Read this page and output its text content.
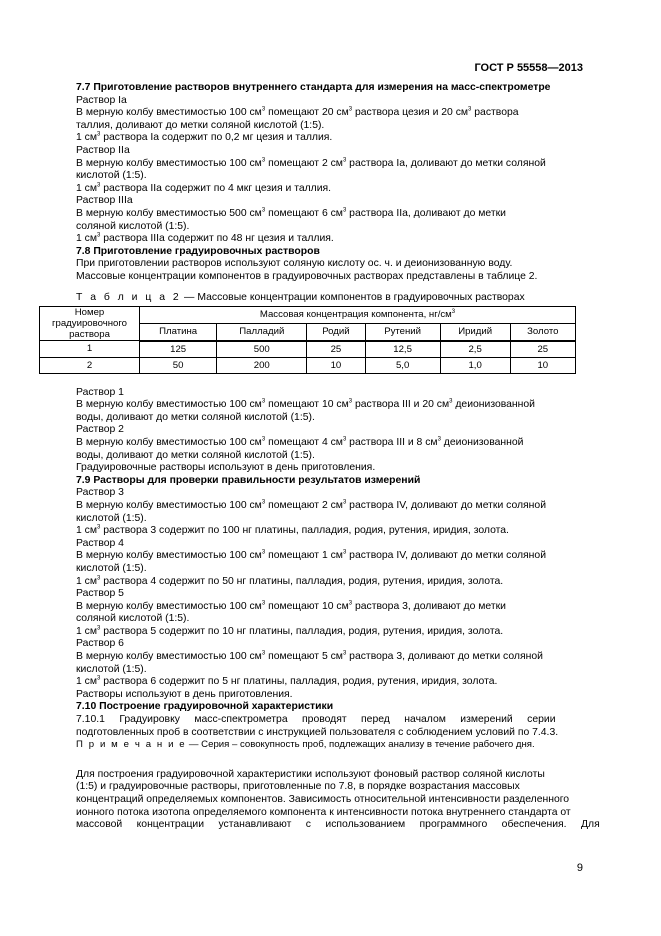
ГОСТ Р 55558—2013

7.7 Приготовление растворов внутреннего стандарта для измерения на масс-спектрометре

Раствор Iа

В мерную колбу вместимостью 100 $см^3$ помещают 20 $см^3$ раствора цезия и 20 $см^3$ раствора

таллия, доливают до метки соляной кислотой (1:5).

1 $см^3$ раствора Iа содержит по 0,2 мг цезия и таллия.

Раствор IIа

В мерную колбу вместимостью 100 $см^3$ помещают 2 $см^3$ раствора Iа, доливают до метки соляной

кислотой (1:5).

1 $см^3$ раствора IIа содержит по 4 мкг цезия и таллия.

Раствор IIIа

В мерную колбу вместимостью 500 $см^3$ помещают 6 $см^3$ раствора IIа, доливают до метки

соляной кислотой (1:5).

1 $см^3$ раствора IIIа содержит по 48 нг цезия и таллия.

7.8 Приготовление градуировочных растворов

При приготовлении растворов используют соляную кислоту ос. ч. и деионизованную воду.

Массовые концентрации компонентов в градуировочных растворах представлены в таблице 2.

Т а б л и ц а 2 — Массовые концентрации компонентов в градуировочных растворах

Номер градуировочного раствора	Массовая концентрация компонента, $нг/см^3$
	Платина	Палладий	Родий	Рутений	Иридий	Золото
1	125	500	25	12,5	2,5	25
2	50	200	10	5,0	1,0	10

Раствор 1

В мерную колбу вместимостью 100 $см^3$ помещают 10 $см^3$ раствора III и 20 $см^3$ деионизованной

воды, доливают до метки соляной кислотой (1:5).

Раствор 2

В мерную колбу вместимостью 100 $см^3$ помещают 4 $см^3$ раствора III и 8 $см^3$ деионизованной

воды, доливают до метки соляной кислотой (1:5).

Градуировочные растворы используют в день приготовления.

7.9 Растворы для проверки правильности результатов измерений

Раствор 3

В мерную колбу вместимостью 100 $см^3$ помещают 2 $см^3$ раствора IV, доливают до метки соляной

кислотой (1:5).

1 $см^3$ раствора 3 содержит по 100 нг платины, палладия, родия, рутения, иридия, золота.

Раствор 4

В мерную колбу вместимостью 100 $см^3$ помещают 1 $см^3$ раствора IV, доливают до метки соляной

кислотой (1:5).

1 $см^3$ раствора 4 содержит по 50 нг платины, палладия, родия, рутения, иридия, золота.

Раствор 5

В мерную колбу вместимостью 100 $см^3$ помещают 10 $см^3$ раствора 3, доливают до метки

соляной кислотой (1:5).

1 $см^3$ раствора 5 содержит по 10 нг платины, палладия, родия, рутения, иридия, золота.

Раствор 6

В мерную колбу вместимостью 100 $см^3$ помещают 5 $см^3$ раствора 3, доливают до метки соляной

кислотой (1:5).

1 $см^3$ раствора 6 содержит по 5 нг платины, палладия, родия, рутения, иридия, золота.

Растворы используют в день приготовления.

7.10 Построение градуировочной характеристики

7.10.1     Градуировку     масс-спектрометра     проводят     перед     началом     измерений     серии

подготовленных проб в соответствии с инструкцией пользователя с соблюдением условий по 7.4.3.

П р и м е ч а н и е — Серия – совокупность проб, подлежащих анализу в течение рабочего дня.

Для построения градуировочной характеристики используют фоновый раствор соляной кислоты

(1:5) и градуировочные растворы, приготовленные по 7.8, в порядке возрастания массовых

концентраций определяемых компонентов. Зависимость относительной интенсивности разделенного

ионного потока изотопа определяемого компонента к интенсивности потока внутреннего стандарта от

массовой     концентрации     устанавливают     с     использованием     программного     обеспечения.     Для

9
